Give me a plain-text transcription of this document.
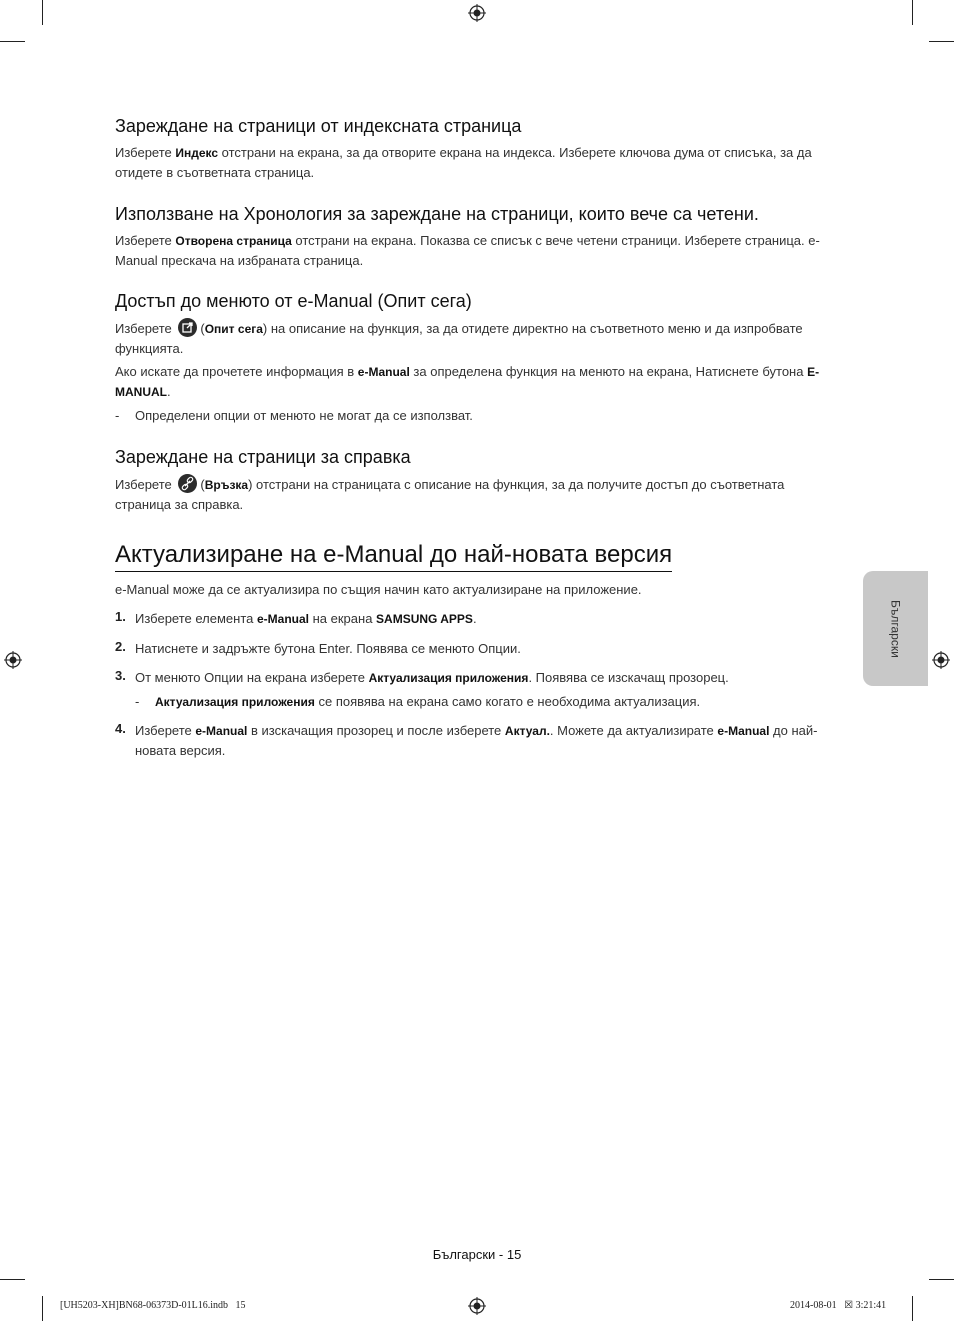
Зареждане на страници от индексната страница
Изберете Индекс отстрани на екрана, за да отворите екрана на индекса. Изберете ключова дума от списъка, за да отидете в съответната страница.
Използване на Хронология за зареждане на страници, които вече са четени.
Изберете Отворена страница отстрани на екрана. Показва се списък с вече четени страници. Изберете страница. e-Manual прескача на избраната страница.
Достъп до менюто от e-Manual (Опит сега)
Изберете
(Опит сега) на описание на функция, за да отидете директно на съответното меню и да изпробвате функцията.
Ако искате да прочетете информация в e-Manual за определена функция на менюто на екрана, Натиснете бутона E-MANUAL.
- Определени опции от менюто не могат да се използват.
Зареждане на страници за справка
Изберете
(Връзка) отстрани на страницата с описание на функция, за да получите достъп до съответната страница за справка.
Актуализиране на e-Manual до най-новата версия
e-Manual може да се актуализира по същия начин като актуализиране на приложение.
1. Изберете елемента e-Manual на екрана SAMSUNG APPS.
2. Натиснете и задръжте бутона Enter. Появява се менюто Опции.
3. От менюто Опции на екрана изберете Актуализация приложения. Появява се изскачащ прозорец.
- Актуализация приложения се появява на екрана само когато е необходима актуализация.
4. Изберете e-Manual в изскачащия прозорец и после изберете Актуал.. Можете да актуализирате e-Manual до най-новата версия.
Български
Български - 15
[UH5203-XH]BN68-06373D-01L16.indb   15	2014-08-01   ☒ 3:21:41
